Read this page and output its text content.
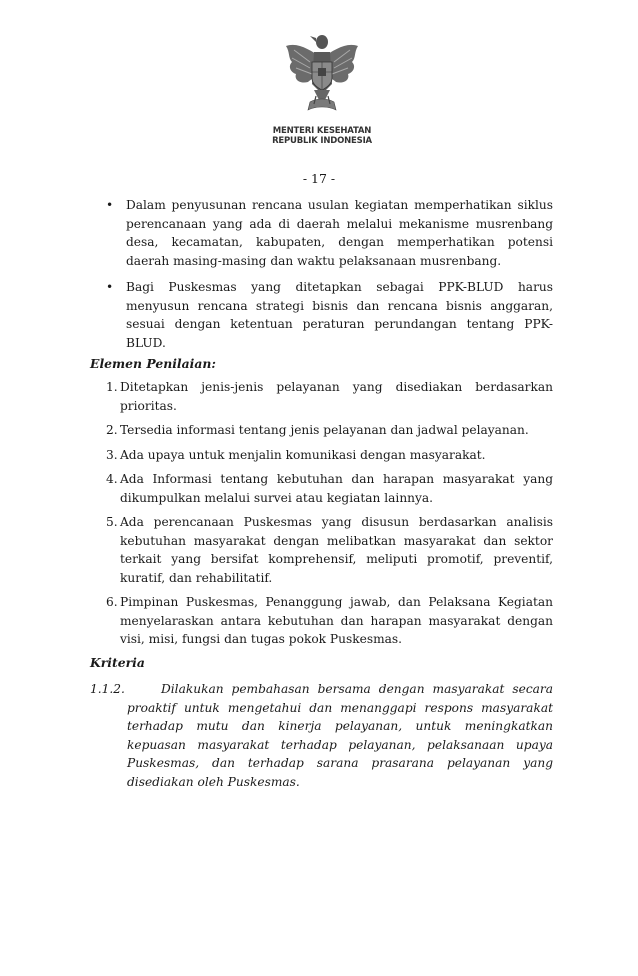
MENTERI KESEHATAN
REPUBLIK INDONESIA
- 17 -
• Dalam penyusunan rencana usulan kegiatan memperhatikan siklus perencanaan yang ada di daerah melalui mekanisme musrenbang desa, kecamatan, kabupaten, dengan memperhatikan potensi daerah masing-masing dan waktu pelaksanaan musrenbang.
• Bagi Puskesmas yang ditetapkan sebagai PPK-BLUD harus menyusun rencana strategi bisnis dan rencana bisnis anggaran, sesuai dengan ketentuan peraturan perundangan tentang PPK-BLUD.
Elemen Penilaian:
1. Ditetapkan jenis-jenis pelayanan yang disediakan berdasarkan prioritas.
2. Tersedia informasi tentang jenis pelayanan dan jadwal pelayanan.
3. Ada upaya untuk menjalin komunikasi dengan masyarakat.
4. Ada Informasi tentang kebutuhan dan harapan masyarakat yang dikumpulkan melalui survei atau kegiatan lainnya.
5. Ada perencanaan Puskesmas yang disusun berdasarkan analisis kebutuhan masyarakat dengan melibatkan masyarakat dan sektor terkait yang bersifat komprehensif, meliputi promotif, preventif, kuratif, dan rehabilitatif.
6. Pimpinan Puskesmas, Penanggung jawab, dan Pelaksana Kegiatan menyelaraskan antara kebutuhan dan harapan masyarakat dengan visi, misi, fungsi dan tugas pokok Puskesmas.
Kriteria
1.1.2.	Dilakukan pembahasan bersama dengan masyarakat secara proaktif untuk mengetahui dan menanggapi respons masyarakat terhadap mutu dan kinerja pelayanan, untuk meningkatkan kepuasan masyarakat terhadap pelayanan, pelaksanaan upaya Puskesmas, dan terhadap sarana prasarana pelayanan yang disediakan oleh Puskesmas.
